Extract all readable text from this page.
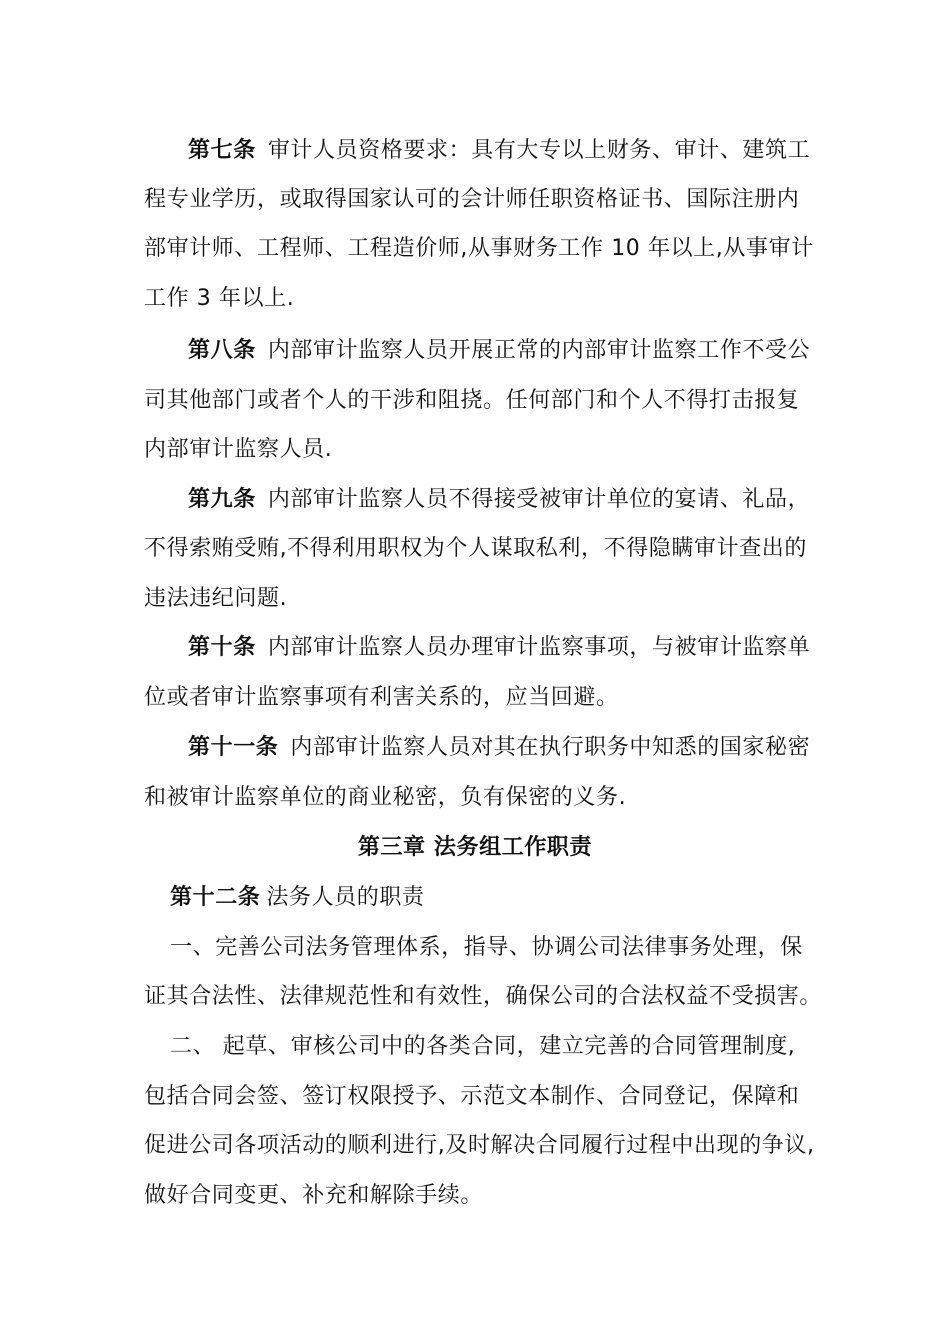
第七条 审计人员资格要求：具有大专以上财务、审计、建筑工
程专业学历，或取得国家认可的会计师任职资格证书、国际注册内
部审计师、工程师、工程造价师,从事财务工作 10 年以上,从事审计
工作 3 年以上.
第八条 内部审计监察人员开展正常的内部审计监察工作不受公
司其他部门或者个人的干涉和阻挠。任何部门和个人不得打击报复
内部审计监察人员.
第九条 内部审计监察人员不得接受被审计单位的宴请、礼品，
不得索贿受贿,不得利用职权为个人谋取私利，不得隐瞒审计查出的
违法违纪问题.
第十条 内部审计监察人员办理审计监察事项，与被审计监察单
位或者审计监察事项有利害关系的，应当回避。
第十一条 内部审计监察人员对其在执行职务中知悉的国家秘密
和被审计监察单位的商业秘密，负有保密的义务.
第三章 法务组工作职责
第十二条 法务人员的职责
一、完善公司法务管理体系，指导、协调公司法律事务处理，保
证其合法性、法律规范性和有效性，确保公司的合法权益不受损害。
二、 起草、审核公司中的各类合同，建立完善的合同管理制度,
包括合同会签、签订权限授予、示范文本制作、合同登记，保障和
促进公司各项活动的顺利进行,及时解决合同履行过程中出现的争议,
做好合同变更、补充和解除手续。
